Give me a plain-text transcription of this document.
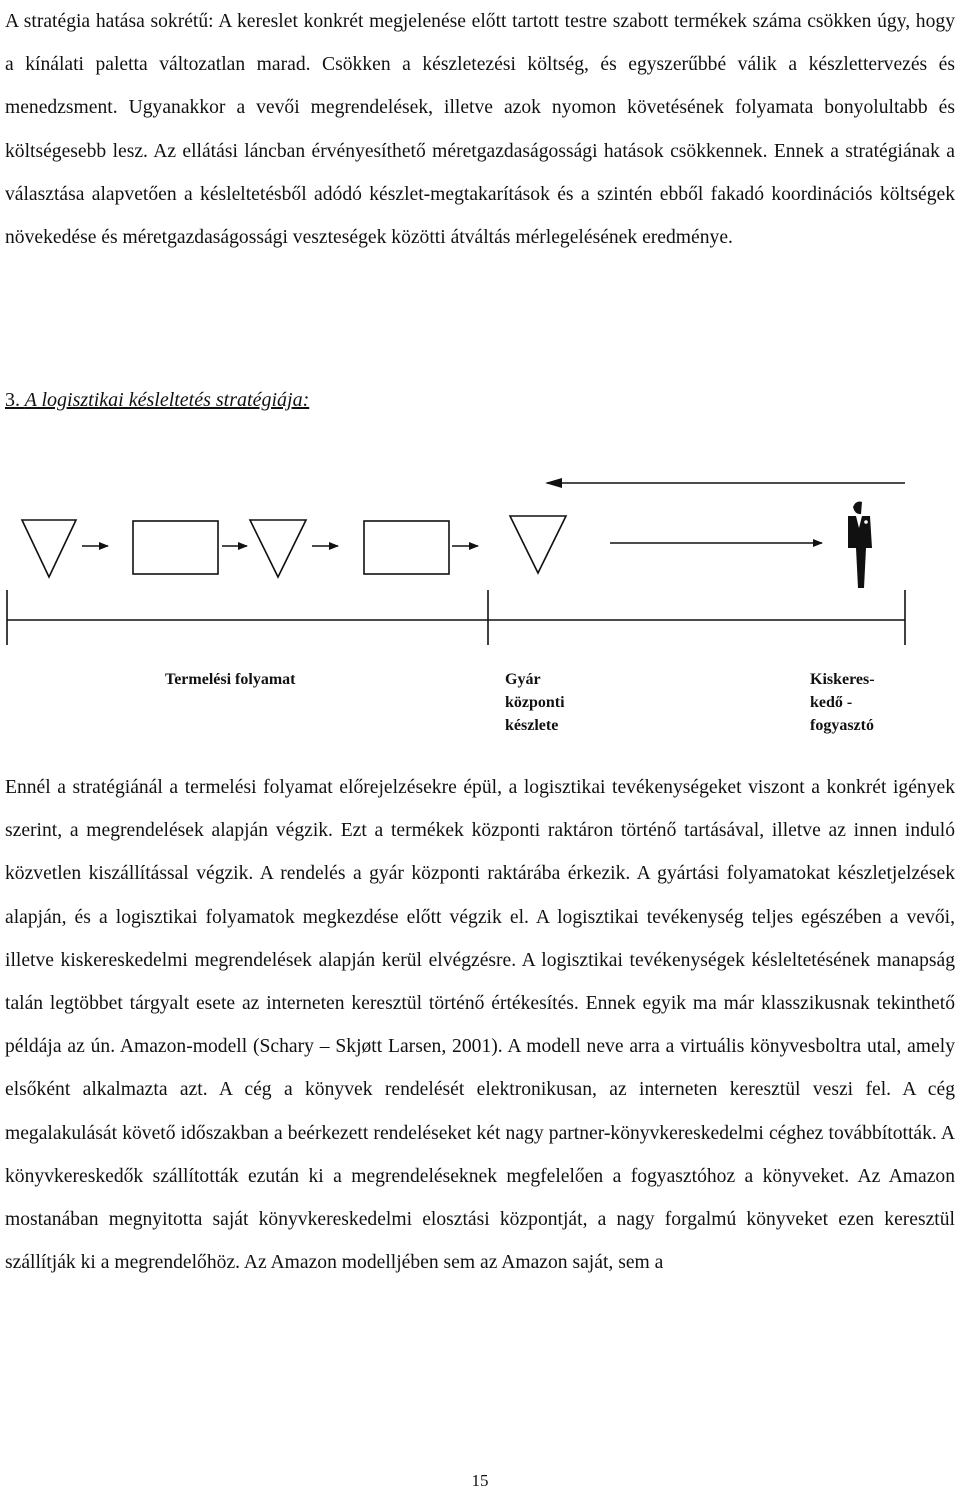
A stratégia hatása sokrétű: A kereslet konkrét megjelenése előtt tartott testre szabott termékek száma csökken úgy, hogy a kínálati paletta változatlan marad. Csökken a készletezési költség, és egyszerűbbé válik a készlettervezés és menedzsment. Ugyanakkor a vevői megrendelések, illetve azok nyomon követésének folyamata bonyolultabb és költségesebb lesz. Az ellátási láncban érvényesíthető méretgazdaságossági hatások csökkennek. Ennek a stratégiának a választása alapvetően a késleltetésből adódó készlet-megtakarítások és a szintén ebből fakadó koordinációs költségek növekedése és méretgazdaságossági veszteségek közötti átváltás mérlegelésének eredménye.

3. A logisztikai késleltetés stratégiája:

Termelési folyamat	Gyár
központi
készlete

Kiskeres-
kedő -
fogyasztó

Ennél a stratégiánál a termelési folyamat előrejelzésekre épül, a logisztikai tevékenységeket viszont a konkrét igények szerint, a megrendelések alapján végzik. Ezt a termékek központi raktáron történő tartásával, illetve az innen induló közvetlen kiszállítással végzik. A rendelés a gyár központi raktárába érkezik. A gyártási folyamatokat készletjelzések alapján, és a logisztikai folyamatok megkezdése előtt végzik el. A logisztikai tevékenység teljes egészében a vevői, illetve kiskereskedelmi megrendelések alapján kerül elvégzésre. A logisztikai tevékenységek késleltetésének manapság talán legtöbbet tárgyalt esete az interneten keresztül történő értékesítés. Ennek egyik ma már klasszikusnak tekinthető példája az ún. Amazon-modell (Schary – Skjøtt Larsen, 2001). A modell neve arra a virtuális könyvesboltra utal, amely elsőként alkalmazta azt. A cég a könyvek rendelését elektronikusan, az interneten keresztül veszi fel. A cég megalakulását követő időszakban a beérkezett rendeléseket két nagy partner-könyvkereskedelmi céghez továbbították. A könyvkereskedők szállították ezután ki a megrendeléseknek megfelelően a fogyasztóhoz a könyveket. Az Amazon mostanában megnyitotta saját könyvkereskedelmi elosztási központját, a nagy forgalmú könyveket ezen keresztül szállítják ki a megrendelőhöz. Az Amazon modelljében sem az Amazon saját, sem a

15
